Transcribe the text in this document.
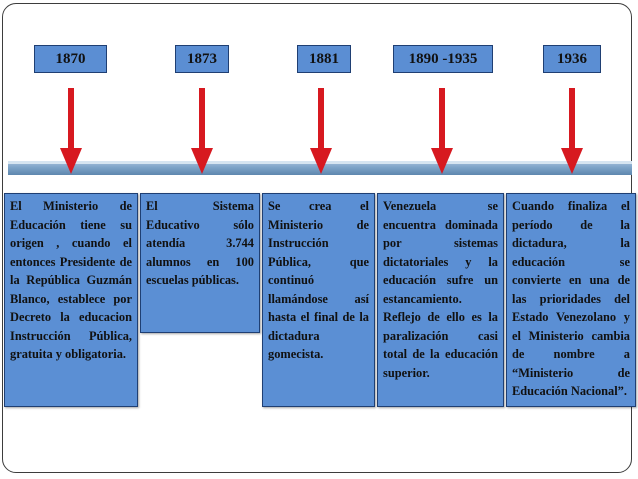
1870	1873	1881	1890 -1935	1936
El Ministerio de Educación tiene su origen , cuando el entonces Presidente de la República Guzmán Blanco, establece por Decreto la educacion Instrucción Pública, gratuita y obligatoria.
El Sistema Educativo sólo atendía 3.744 alumnos en 100 escuelas públicas.
Se crea el Ministerio de Instrucción Pública, que continuó llamándose así hasta el final de la dictadura gomecista.
Venezuela se encuentra dominada por sistemas dictatoriales y la educación sufre un estancamiento. Reflejo de ello es la paralización casi total de la educación superior.
Cuando finaliza el período de la dictadura, la educación se convierte en una de las prioridades del Estado Venezolano y el Ministerio cambia de nombre a “Ministerio de Educación Nacional”.
